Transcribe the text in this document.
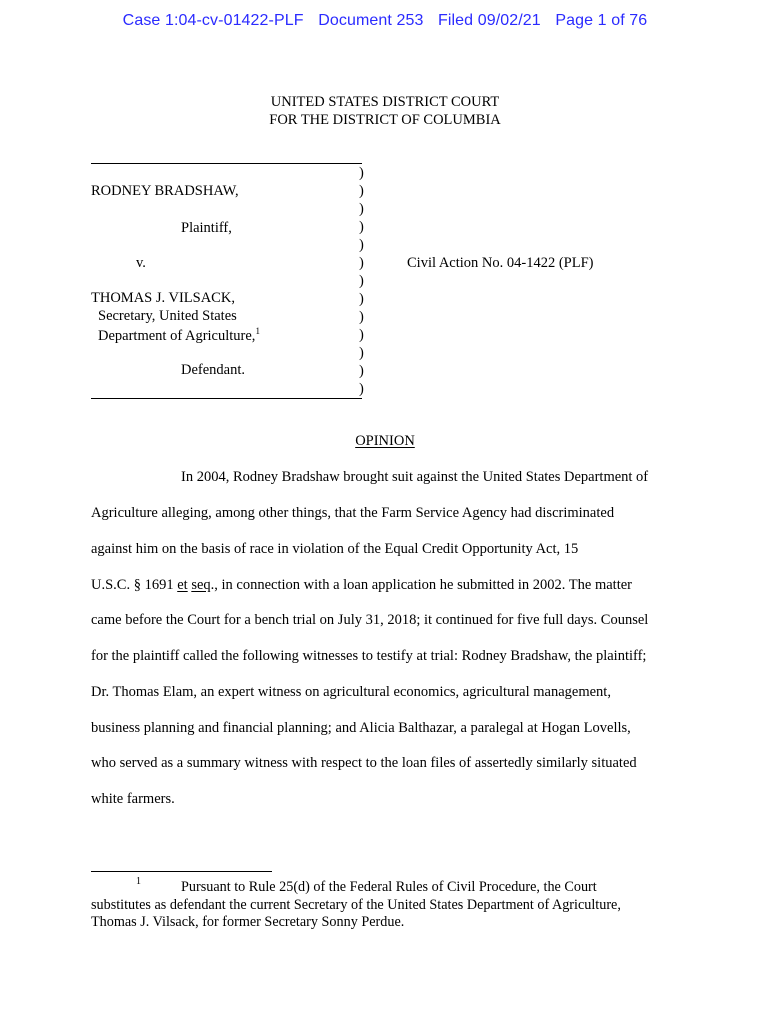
Case 1:04-cv-01422-PLF Document 253 Filed 09/02/21 Page 1 of 76
UNITED STATES DISTRICT COURT
FOR THE DISTRICT OF COLUMBIA
RODNEY BRADSHAW,
Plaintiff,
v.
THOMAS J. VILSACK,
Secretary, United States
Department of Agriculture,$^1$
Defendant.
)
)
)
)
)
)
)
)
)
)
)
)
)
Civil Action No. 04-1422 (PLF)
OPINION
In 2004, Rodney Bradshaw brought suit against the United States Department of
Agriculture alleging, among other things, that the Farm Service Agency had discriminated
against him on the basis of race in violation of the Equal Credit Opportunity Act, 15
U.S.C. § 1691 et seq., in connection with a loan application he submitted in 2002. The matter
came before the Court for a bench trial on July 31, 2018; it continued for five full days. Counsel
for the plaintiff called the following witnesses to testify at trial: Rodney Bradshaw, the plaintiff;
Dr. Thomas Elam, an expert witness on agricultural economics, agricultural management,
business planning and financial planning; and Alicia Balthazar, a paralegal at Hogan Lovells,
who served as a summary witness with respect to the loan files of assertedly similarly situated
white farmers.
1	Pursuant to Rule 25(d) of the Federal Rules of Civil Procedure, the Court
substitutes as defendant the current Secretary of the United States Department of Agriculture,
Thomas J. Vilsack, for former Secretary Sonny Perdue.
